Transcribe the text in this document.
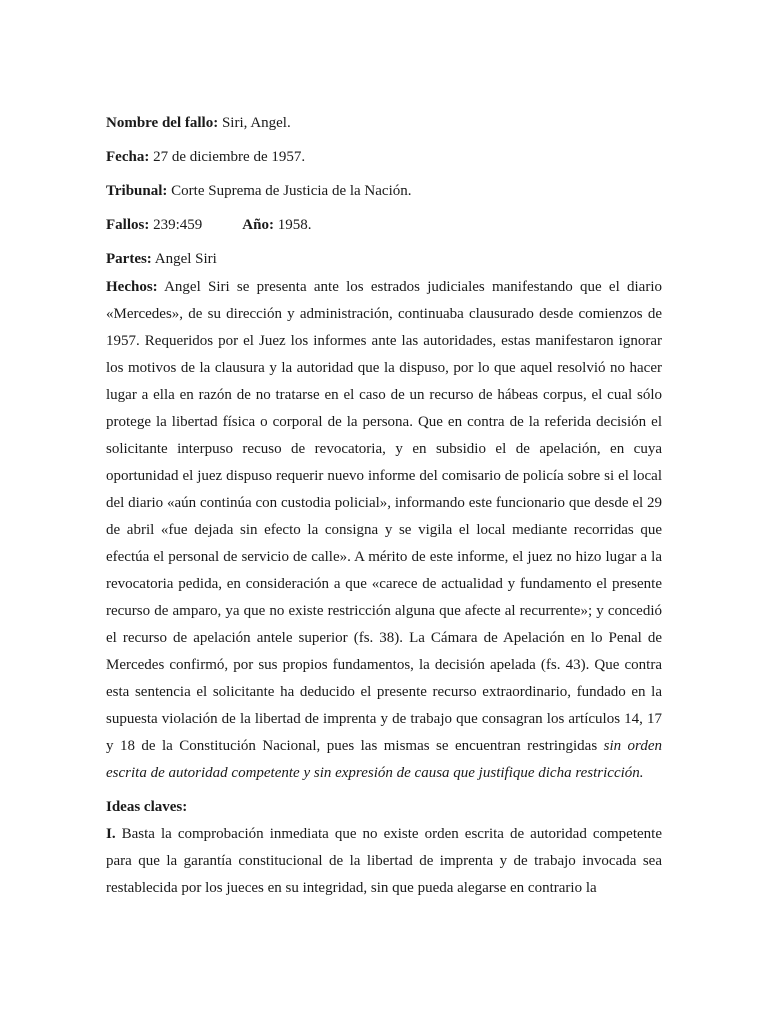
Nombre del fallo: Siri, Angel.

Fecha: 27 de diciembre de 1957.

Tribunal: Corte Suprema de Justicia de la Nación.

Fallos: 239:459	Año: 1958.

Partes: Angel Siri

Hechos: Angel Siri se presenta ante los estrados judiciales manifestando que el diario «Mercedes», de su dirección y administración, continuaba clausurado desde comienzos de 1957. Requeridos por el Juez los informes ante las autoridades, estas manifestaron ignorar los motivos de la clausura y la autoridad que la dispuso, por lo que aquel resolvió no hacer lugar a ella en razón de no tratarse en el caso de un recurso de hábeas corpus, el cual sólo protege la libertad física o corporal de la persona. Que en contra de la referida decisión el solicitante interpuso recuso de revocatoria, y en subsidio el de apelación, en cuya oportunidad el juez dispuso requerir nuevo informe del comisario de policía sobre si el local del diario «aún continúa con custodia policial», informando este funcionario que desde el 29 de abril «fue dejada sin efecto la consigna y se vigila el local mediante recorridas que efectúa el personal de servicio de calle». A mérito de este informe, el juez no hizo lugar a la revocatoria pedida, en consideración a que «carece de actualidad y fundamento el presente recurso de amparo, ya que no existe restricción alguna que afecte al recurrente»; y concedió el recurso de apelación antele superior (fs. 38). La Cámara de Apelación en lo Penal de Mercedes confirmó, por sus propios fundamentos, la decisión apelada (fs. 43). Que contra esta sentencia el solicitante ha deducido el presente recurso extraordinario, fundado en la supuesta violación de la libertad de imprenta y de trabajo que consagran los artículos 14, 17 y 18 de la Constitución Nacional, pues las mismas se encuentran restringidas sin orden escrita de autoridad competente y sin expresión de causa que justifique dicha restricción.

Ideas claves:

I. Basta la comprobación inmediata que no existe orden escrita de autoridad competente para que la garantía constitucional de la libertad de imprenta y de trabajo invocada sea restablecida por los jueces en su integridad, sin que pueda alegarse en contrario la
